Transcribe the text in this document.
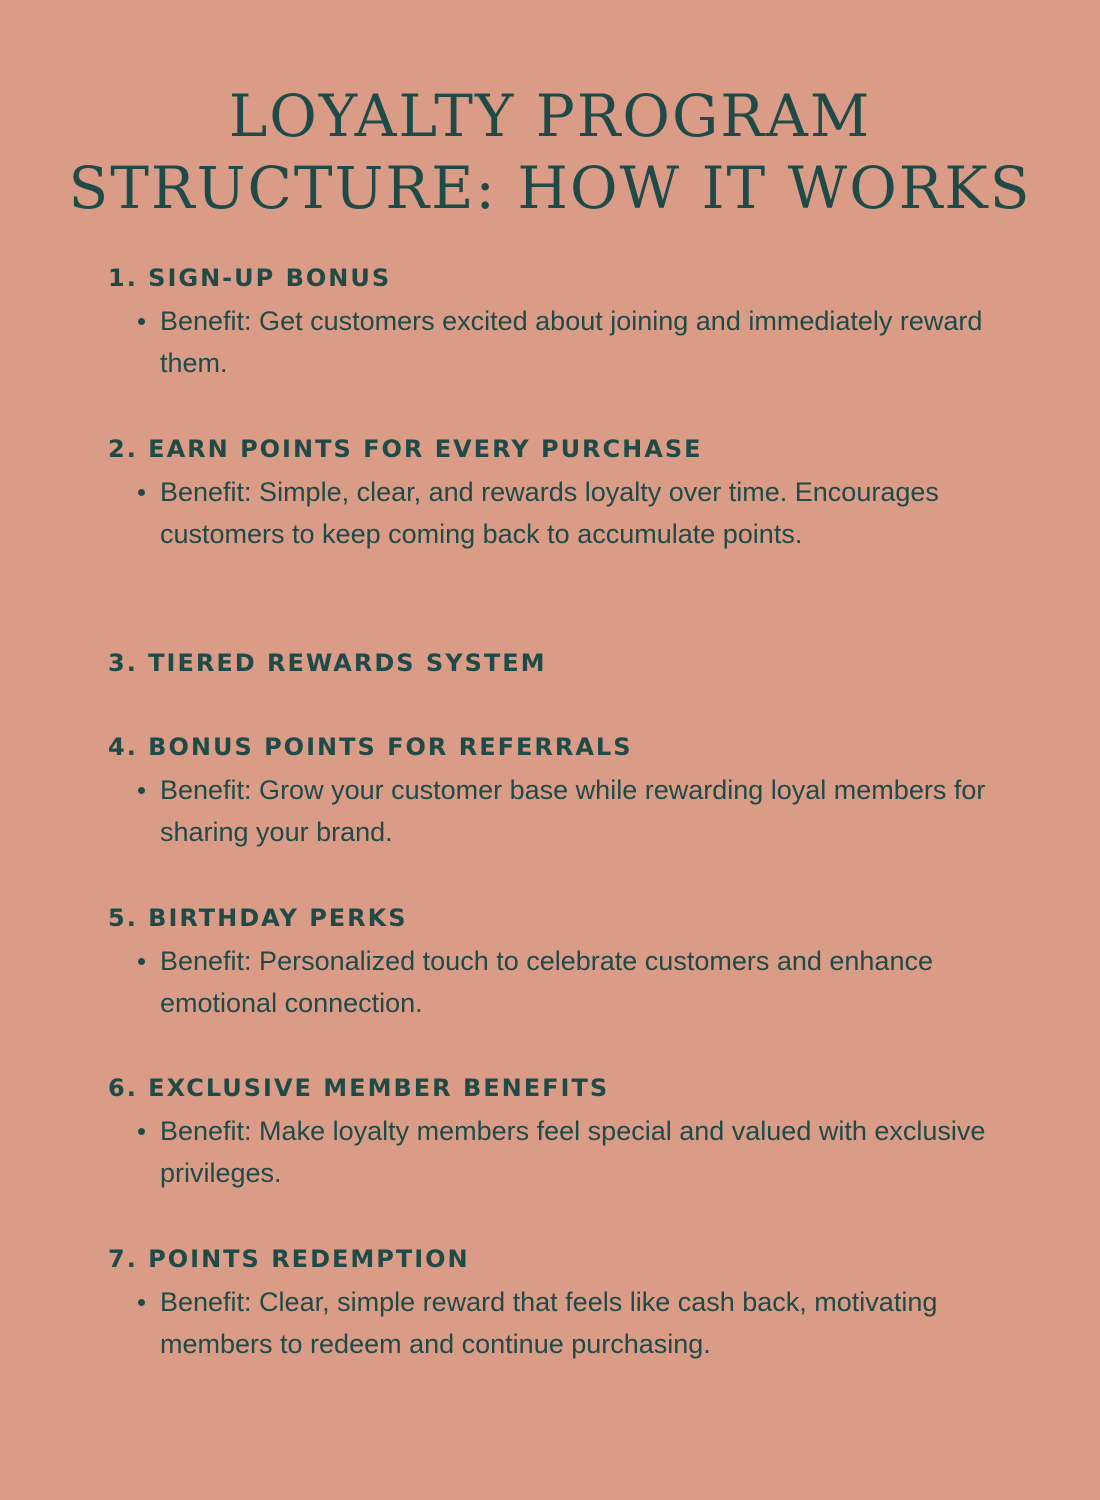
LOYALTY PROGRAM
STRUCTURE: HOW IT WORKS
1. SIGN-UP BONUS
Benefit: Get customers excited about joining and immediately reward them.
2. EARN POINTS FOR EVERY PURCHASE
Benefit: Simple, clear, and rewards loyalty over time. Encourages customers to keep coming back to accumulate points.
3. TIERED REWARDS SYSTEM
4. BONUS POINTS FOR REFERRALS
Benefit: Grow your customer base while rewarding loyal members for sharing your brand.
5. BIRTHDAY PERKS
Benefit: Personalized touch to celebrate customers and enhance emotional connection.
6. EXCLUSIVE MEMBER BENEFITS
Benefit: Make loyalty members feel special and valued with exclusive privileges.
7. POINTS REDEMPTION
Benefit: Clear, simple reward that feels like cash back, motivating members to redeem and continue purchasing.
